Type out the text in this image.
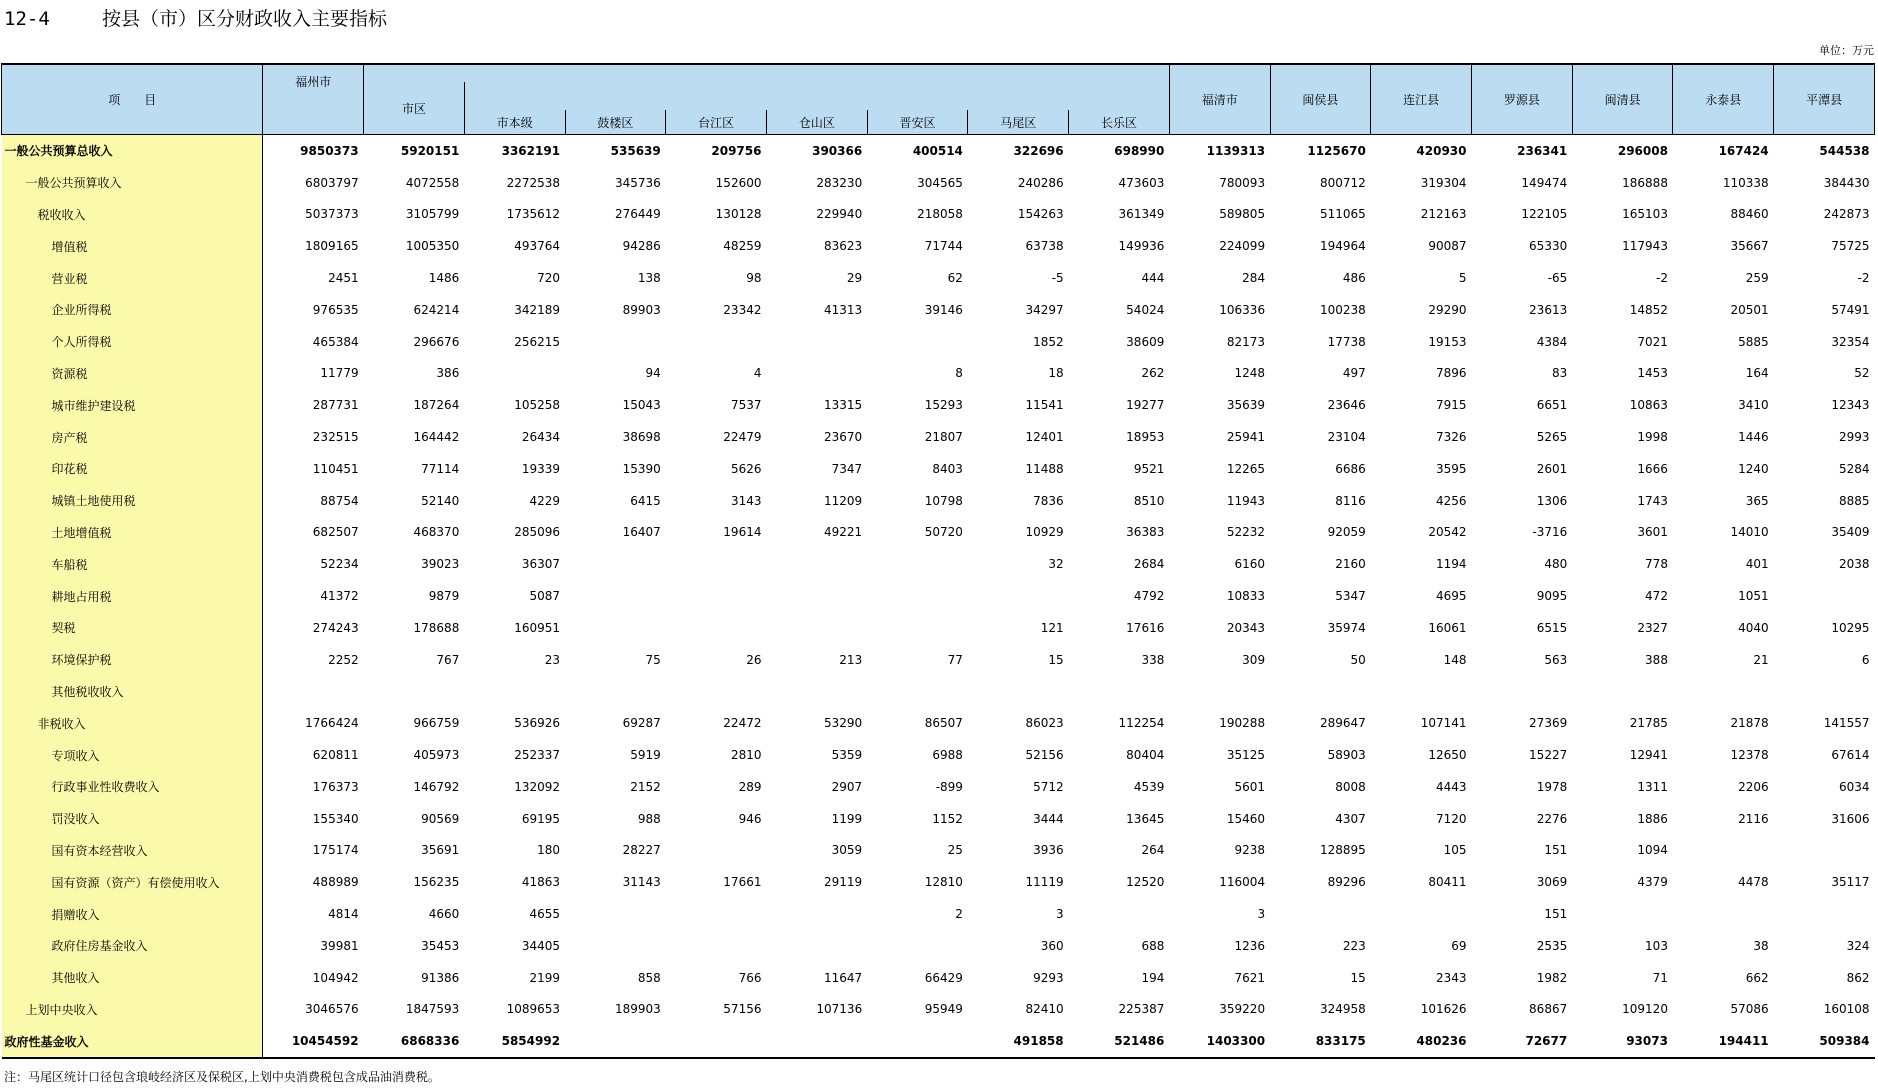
12-4	按县（市）区分财政收入主要指标
单位：万元
项　　目	福州市									福清市	闽侯县	连江县	罗源县	闽清县	永泰县	平潭县
		市区														
			市本级	鼓楼区	台江区	仓山区	晋安区	马尾区	长乐区							
一般公共预算总收入	9850373	5920151	3362191	535639	209756	390366	400514	322696	698990	1139313	1125670	420930	236341	296008	167424	544538
一般公共预算收入	6803797	4072558	2272538	345736	152600	283230	304565	240286	473603	780093	800712	319304	149474	186888	110338	384430
税收收入	5037373	3105799	1735612	276449	130128	229940	218058	154263	361349	589805	511065	212163	122105	165103	88460	242873
增值税	1809165	1005350	493764	94286	48259	83623	71744	63738	149936	224099	194964	90087	65330	117943	35667	75725
营业税	2451	1486	720	138	98	29	62	-5	444	284	486	5	-65	-2	259	-2
企业所得税	976535	624214	342189	89903	23342	41313	39146	34297	54024	106336	100238	29290	23613	14852	20501	57491
个人所得税	465384	296676	256215					1852	38609	82173	17738	19153	4384	7021	5885	32354
资源税	11779	386		94	4		8	18	262	1248	497	7896	83	1453	164	52
城市维护建设税	287731	187264	105258	15043	7537	13315	15293	11541	19277	35639	23646	7915	6651	10863	3410	12343
房产税	232515	164442	26434	38698	22479	23670	21807	12401	18953	25941	23104	7326	5265	1998	1446	2993
印花税	110451	77114	19339	15390	5626	7347	8403	11488	9521	12265	6686	3595	2601	1666	1240	5284
城镇土地使用税	88754	52140	4229	6415	3143	11209	10798	7836	8510	11943	8116	4256	1306	1743	365	8885
土地增值税	682507	468370	285096	16407	19614	49221	50720	10929	36383	52232	92059	20542	-3716	3601	14010	35409
车船税	52234	39023	36307					32	2684	6160	2160	1194	480	778	401	2038
耕地占用税	41372	9879	5087						4792	10833	5347	4695	9095	472	1051	
契税	274243	178688	160951					121	17616	20343	35974	16061	6515	2327	4040	10295
环境保护税	2252	767	23	75	26	213	77	15	338	309	50	148	563	388	21	6
其他税收收入																
非税收入	1766424	966759	536926	69287	22472	53290	86507	86023	112254	190288	289647	107141	27369	21785	21878	141557
专项收入	620811	405973	252337	5919	2810	5359	6988	52156	80404	35125	58903	12650	15227	12941	12378	67614
行政事业性收费收入	176373	146792	132092	2152	289	2907	-899	5712	4539	5601	8008	4443	1978	1311	2206	6034
罚没收入	155340	90569	69195	988	946	1199	1152	3444	13645	15460	4307	7120	2276	1886	2116	31606
国有资本经营收入	175174	35691	180	28227		3059	25	3936	264	9238	128895	105	151	1094		
国有资源（资产）有偿使用收入	488989	156235	41863	31143	17661	29119	12810	11119	12520	116004	89296	80411	3069	4379	4478	35117
捐赠收入	4814	4660	4655				2	3		3			151			
政府住房基金收入	39981	35453	34405					360	688	1236	223	69	2535	103	38	324
其他收入	104942	91386	2199	858	766	11647	66429	9293	194	7621	15	2343	1982	71	662	862
上划中央收入	3046576	1847593	1089653	189903	57156	107136	95949	82410	225387	359220	324958	101626	86867	109120	57086	160108
政府性基金收入	10454592	6868336	5854992					491858	521486	1403300	833175	480236	72677	93073	194411	509384
注：马尾区统计口径包含琅岐经济区及保税区,上划中央消费税包含成品油消费税。
